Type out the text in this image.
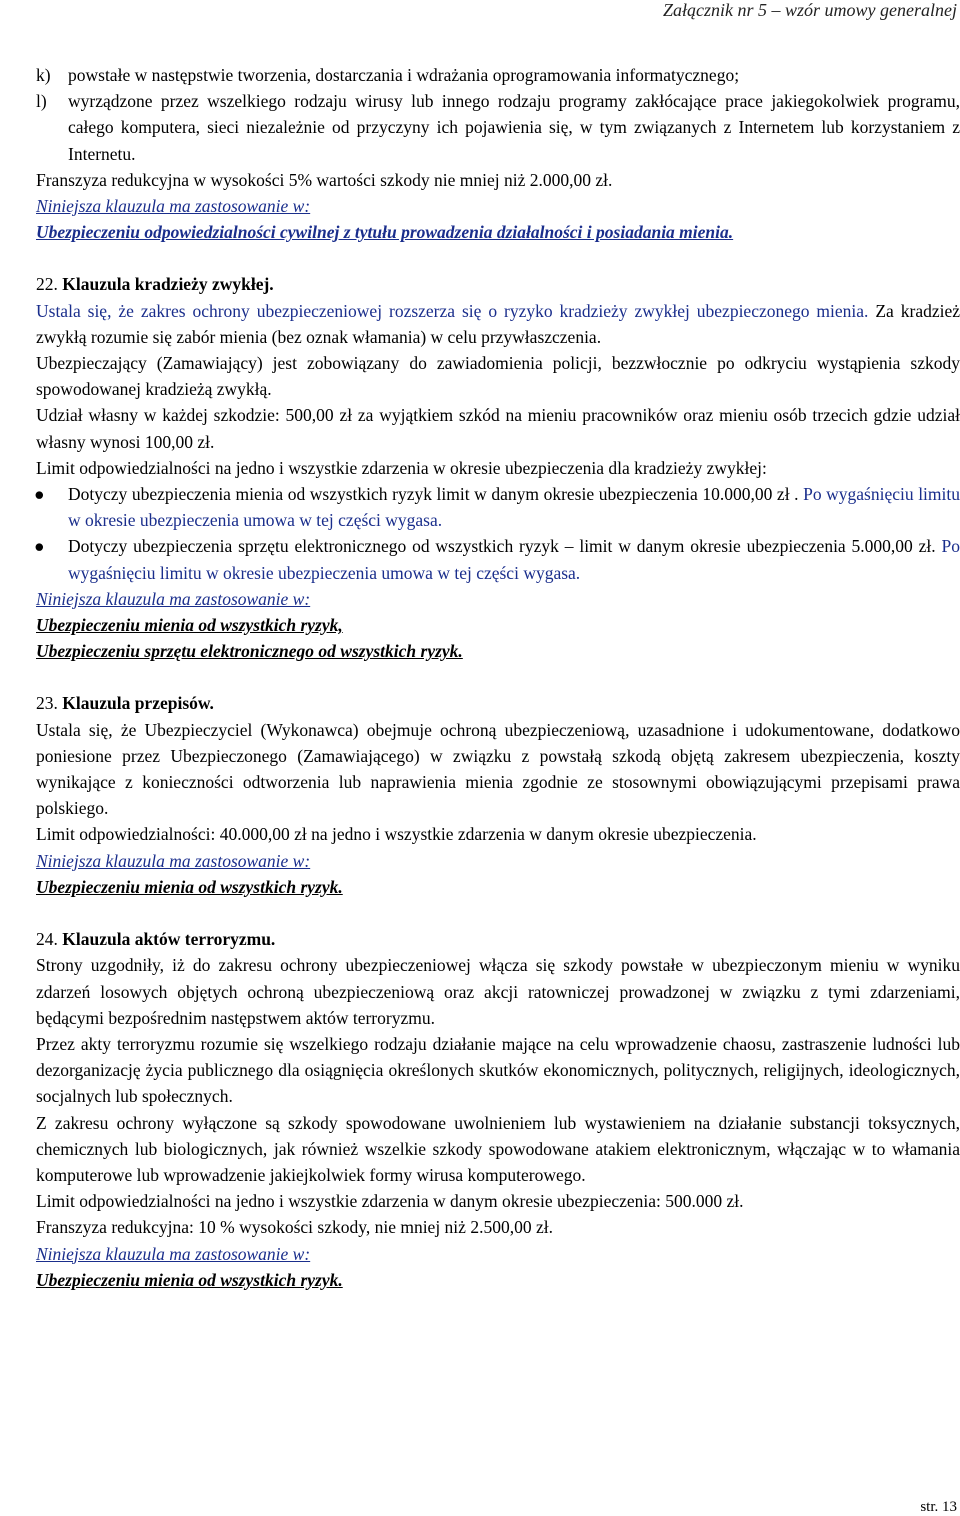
Załącznik nr 5 – wzór umowy generalnej

k) powstałe w następstwie tworzenia, dostarczania i wdrażania oprogramowania informatycznego;

l) wyrządzone przez wszelkiego rodzaju wirusy lub innego rodzaju programy zakłócające prace jakiegokolwiek programu, całego komputera, sieci niezależnie od przyczyny ich pojawienia się, w tym związanych z Internetem lub korzystaniem z Internetu.

Franszyza redukcyjna w wysokości 5% wartości szkody nie mniej niż 2.000,00 zł.

Niniejsza klauzula ma zastosowanie w:

Ubezpieczeniu odpowiedzialności cywilnej z tytułu prowadzenia działalności i posiadania mienia.

22. Klauzula kradzieży zwykłej.

Ustala się, że zakres ochrony ubezpieczeniowej rozszerza się o ryzyko kradzieży zwykłej ubezpieczonego mienia. Za kradzież zwykłą rozumie się zabór mienia (bez oznak włamania) w celu przywłaszczenia.

Ubezpieczający (Zamawiający) jest zobowiązany do zawiadomienia policji, bezzwłocznie po odkryciu wystąpienia szkody spowodowanej kradzieżą zwykłą.

Udział własny w każdej szkodzie: 500,00 zł za wyjątkiem szkód na mieniu pracowników oraz mieniu osób trzecich gdzie udział własny wynosi 100,00 zł.

Limit odpowiedzialności na jedno i wszystkie zdarzenia w okresie ubezpieczenia dla kradzieży zwykłej:

● Dotyczy ubezpieczenia mienia od wszystkich ryzyk limit w danym okresie ubezpieczenia 10.000,00 zł . Po wygaśnięciu limitu w okresie ubezpieczenia umowa w tej części wygasa.

● Dotyczy ubezpieczenia sprzętu elektronicznego od wszystkich ryzyk – limit w danym okresie ubezpieczenia 5.000,00 zł. Po wygaśnięciu limitu w okresie ubezpieczenia umowa w tej części wygasa.

Niniejsza klauzula ma zastosowanie w:

Ubezpieczeniu mienia od wszystkich ryzyk,

Ubezpieczeniu sprzętu elektronicznego od wszystkich ryzyk.

23. Klauzula przepisów.

Ustala się, że Ubezpieczyciel (Wykonawca) obejmuje ochroną ubezpieczeniową, uzasadnione i udokumentowane, dodatkowo poniesione przez Ubezpieczonego (Zamawiającego) w związku z powstałą szkodą objętą zakresem ubezpieczenia, koszty wynikające z konieczności odtworzenia lub naprawienia mienia zgodnie ze stosownymi obowiązującymi przepisami prawa polskiego.

Limit odpowiedzialności: 40.000,00 zł na jedno i wszystkie zdarzenia w danym okresie ubezpieczenia.

Niniejsza klauzula ma zastosowanie w:

Ubezpieczeniu mienia od wszystkich ryzyk.

24. Klauzula aktów terroryzmu.

Strony uzgodniły, iż do zakresu ochrony ubezpieczeniowej włącza się szkody powstałe w ubezpieczonym mieniu w wyniku zdarzeń losowych objętych ochroną ubezpieczeniową oraz akcji ratowniczej prowadzonej w związku z tymi zdarzeniami, będącymi bezpośrednim następstwem aktów terroryzmu.

Przez akty terroryzmu rozumie się wszelkiego rodzaju działanie mające na celu wprowadzenie chaosu, zastraszenie ludności lub dezorganizację życia publicznego dla osiągnięcia określonych skutków ekonomicznych, politycznych, religijnych, ideologicznych, socjalnych lub społecznych.

Z zakresu ochrony wyłączone są szkody spowodowane uwolnieniem lub wystawieniem na działanie substancji toksycznych, chemicznych lub biologicznych, jak również wszelkie szkody spowodowane atakiem elektronicznym, włączając w to włamania komputerowe lub wprowadzenie jakiejkolwiek formy wirusa komputerowego.

Limit odpowiedzialności na jedno i wszystkie zdarzenia w danym okresie ubezpieczenia: 500.000 zł.

Franszyza redukcyjna: 10 % wysokości szkody, nie mniej niż 2.500,00 zł.

Niniejsza klauzula ma zastosowanie w:

Ubezpieczeniu mienia od wszystkich ryzyk.

str. 13
